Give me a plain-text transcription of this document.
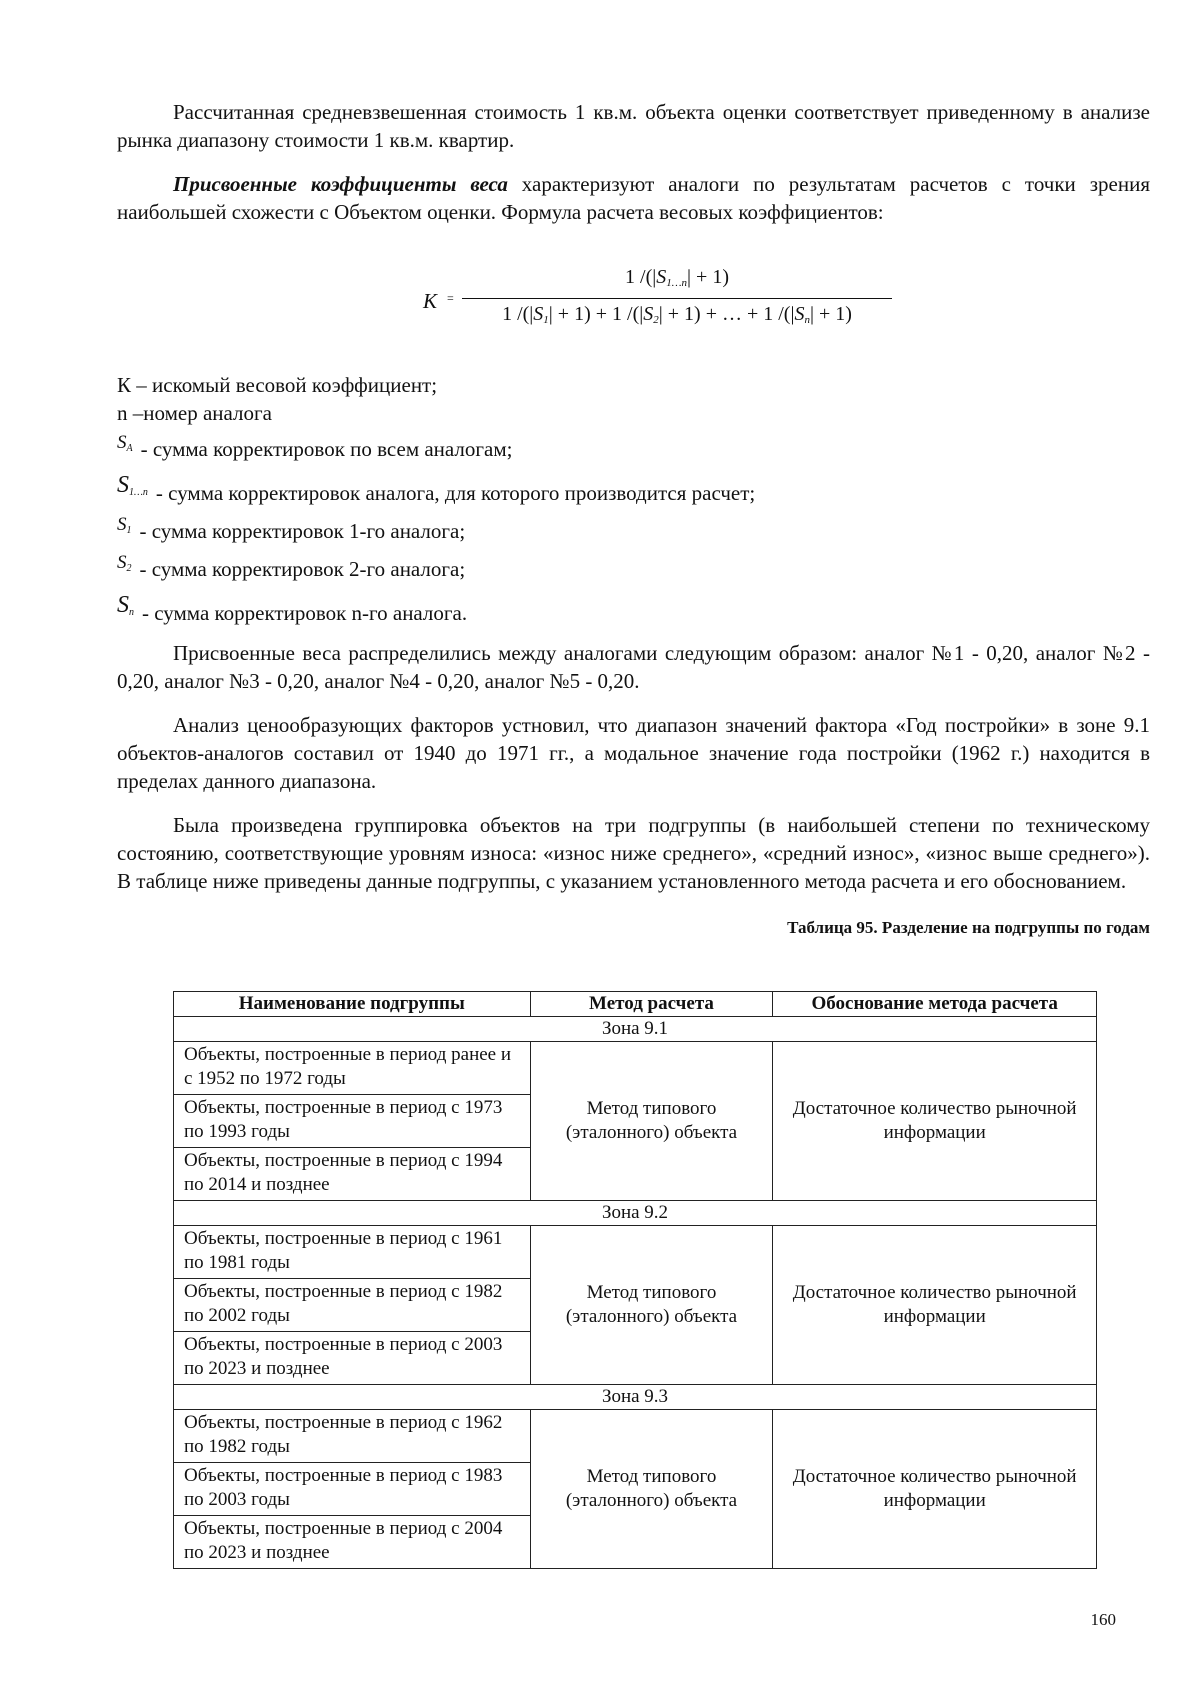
Рассчитанная средневзвешенная стоимость 1 кв.м. объекта оценки соответствует приведенному в анализе рынка диапазону стоимости 1 кв.м. квартир.

Присвоенные коэффициенты веса характеризуют аналоги по результатам расчетов с точки зрения наибольшей схожести с Объектом оценки. Формула расчета весовых коэффициентов:

K =
1 $/(|S_{1\dots n}| + 1)$
1 $/(|S_1| + 1) + 1$ $/(|S_2| + 1)$ + … + 1 $/(|S_n| + 1)$

К – искомый весовой коэффициент;

n –номер аналога

$S_A$ - сумма корректировок по всем аналогам;
$S_{1\dots n}$ - сумма корректировок аналога, для которого производится расчет;
$S_1$ - сумма корректировок 1-го аналога;
$S_2$ - сумма корректировок 2-го аналога;
$S_n$ - сумма корректировок n-го аналога.

Присвоенные веса распределились между аналогами следующим образом: аналог №1 - 0,20, аналог №2 - 0,20, аналог №3 - 0,20, аналог №4 - 0,20, аналог №5 - 0,20.

Анализ ценообразующих факторов устновил, что диапазон значений фактора «Год постройки» в зоне 9.1 объектов-аналогов составил от 1940 до 1971 гг., а модальное значение года постройки (1962 г.) находится в пределах данного диапазона.

Была произведена группировка объектов на три подгруппы (в наибольшей степени по техническому состоянию, соответствующие уровням износа: «износ ниже среднего», «средний износ», «износ выше среднего»). В таблице ниже приведены данные подгруппы, с указанием установленного метода расчета и его обоснованием.

Таблица 95. Разделение на подгруппы по годам
Наименование подгруппы	Метод расчета	Обоснование метода расчета
Зона 9.1		
Объекты, построенные в период ранее и с 1952 по 1972 годы	Метод типового (эталонного) объекта	Достаточное количество рыночной информации
Объекты, построенные в период с 1973 по 1993 годы		
Объекты, построенные в период с 1994 по 2014 и позднее		
Зона 9.2		
Объекты, построенные в период с 1961 по 1981 годы	Метод типового (эталонного) объекта	Достаточное количество рыночной информации
Объекты, построенные в период с 1982 по 2002 годы		
Объекты, построенные в период с 2003 по 2023 и позднее		
Зона 9.3		
Объекты, построенные в период с 1962 по 1982 годы	Метод типового (эталонного) объекта	Достаточное количество рыночной информации
Объекты, построенные в период с 1983 по 2003 годы		
Объекты, построенные в период с 2004 по 2023 и позднее		
160
